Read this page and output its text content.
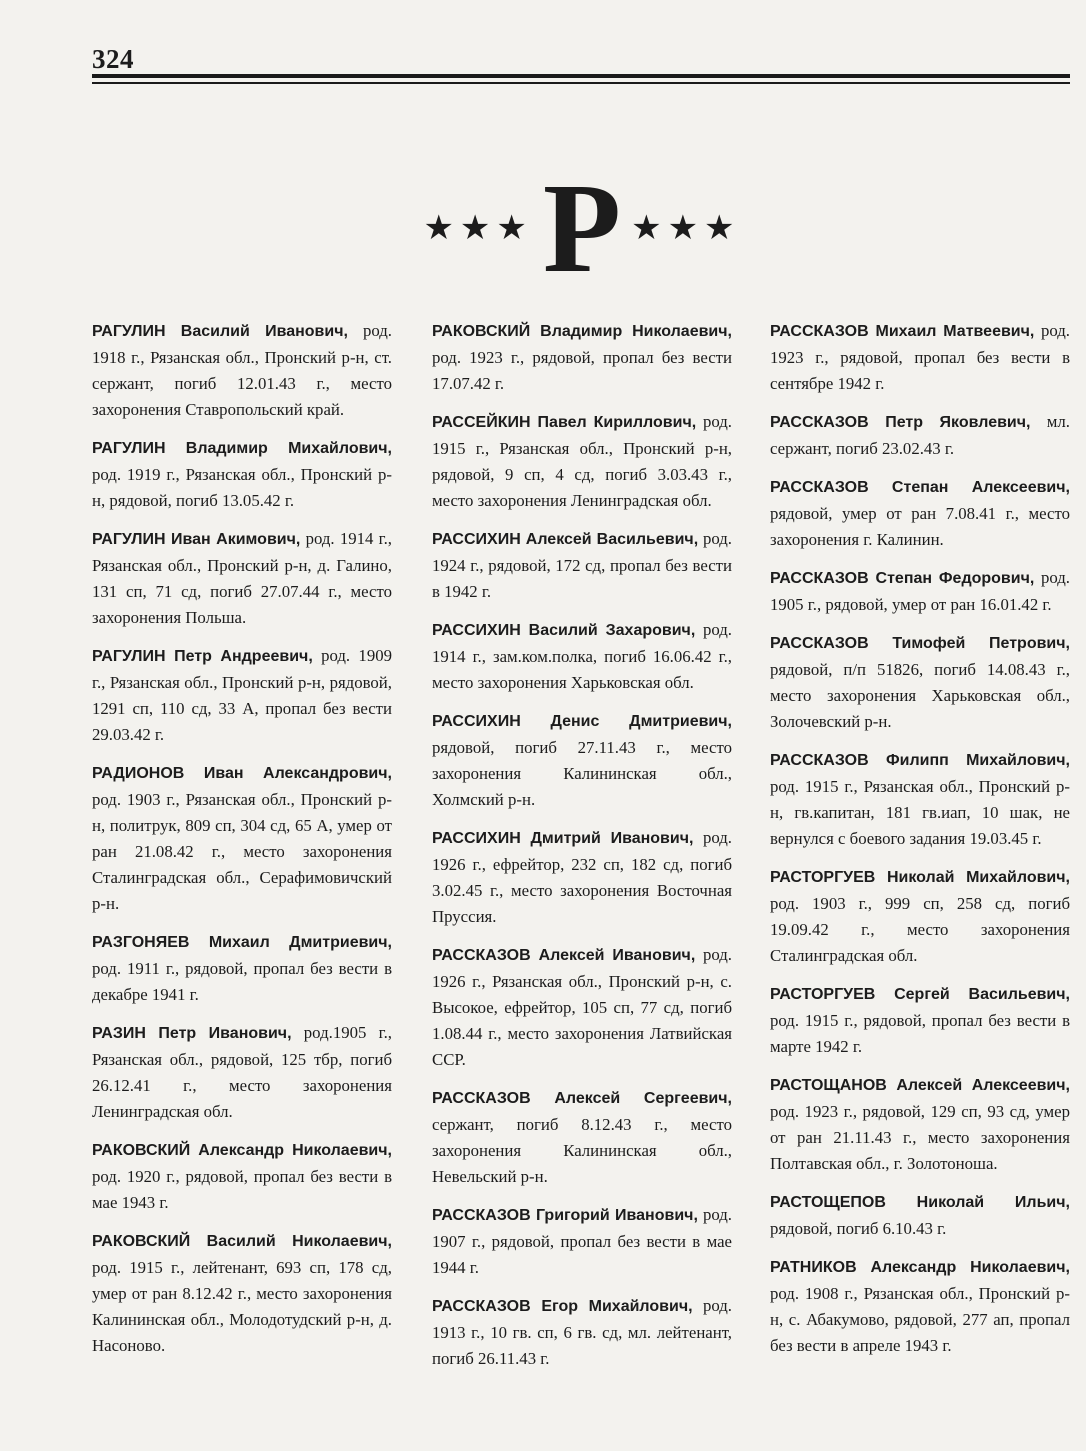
324
★★★ Р ★★★

РАГУЛИН Василий Иванович, род. 1918 г., Рязанская обл., Пронский р-н, ст. сержант, погиб 12.01.43 г., место захоронения Ставропольский край.

РАГУЛИН Владимир Михайлович, род. 1919 г., Рязанская обл., Пронский р-н, рядовой, погиб 13.05.42 г.

РАГУЛИН Иван Акимович, род. 1914 г., Рязанская обл., Пронский р-н, д. Галино, 131 сп, 71 сд, погиб 27.07.44 г., место захоронения Польша.

РАГУЛИН Петр Андреевич, род. 1909 г., Рязанская обл., Пронский р-н, рядовой, 1291 сп, 110 сд, 33 А, пропал без вести 29.03.42 г.

РАДИОНОВ Иван Александрович, род. 1903 г., Рязанская обл., Пронский р-н, политрук, 809 сп, 304 сд, 65 А, умер от ран 21.08.42 г., место захоронения Сталинградская обл., Серафимовичский р-н.

РАЗГОНЯЕВ Михаил Дмитриевич, род. 1911 г., рядовой, пропал без вести в декабре 1941 г.

РАЗИН Петр Иванович, род.1905 г., Рязанская обл., рядовой, 125 тбр, погиб 26.12.41 г., место захоронения Ленинградская обл.

РАКОВСКИЙ Александр Николаевич, род. 1920 г., рядовой, пропал без вести в мае 1943 г.

РАКОВСКИЙ Василий Николаевич, род. 1915 г., лейтенант, 693 сп, 178 сд, умер от ран 8.12.42 г., место захоронения Калининская обл., Молодотудский р-н, д. Насоново.

РАКОВСКИЙ Владимир Николаевич, род. 1923 г., рядовой, пропал без вести 17.07.42 г.

РАССЕЙКИН Павел Кириллович, род. 1915 г., Рязанская обл., Пронский р-н, рядовой, 9 сп, 4 сд, погиб 3.03.43 г., место захоронения Ленинградская обл.

РАССИХИН Алексей Васильевич, род. 1924 г., рядовой, 172 сд, пропал без вести в 1942 г.

РАССИХИН Василий Захарович, род. 1914 г., зам.ком.полка, погиб 16.06.42 г., место захоронения Харьковская обл.

РАССИХИН Денис Дмитриевич, рядовой, погиб 27.11.43 г., место захоронения Калининская обл., Холмский р-н.

РАССИХИН Дмитрий Иванович, род. 1926 г., ефрейтор, 232 сп, 182 сд, погиб 3.02.45 г., место захоронения Восточная Пруссия.

РАССКАЗОВ Алексей Иванович, род. 1926 г., Рязанская обл., Пронский р-н, с. Высокое, ефрейтор, 105 сп, 77 сд, погиб 1.08.44 г., место захоронения Латвийская ССР.

РАССКАЗОВ Алексей Сергеевич, сержант, погиб 8.12.43 г., место захоронения Калининская обл., Невельский р-н.

РАССКАЗОВ Григорий Иванович, род. 1907 г., рядовой, пропал без вести в мае 1944 г.

РАССКАЗОВ Егор Михайлович, род. 1913 г., 10 гв. сп, 6 гв. сд, мл. лейтенант, погиб 26.11.43 г.

РАССКАЗОВ Михаил Матвеевич, род. 1923 г., рядовой, пропал без вести в сентябре 1942 г.

РАССКАЗОВ Петр Яковлевич, мл. сержант, погиб 23.02.43 г.

РАССКАЗОВ Степан Алексеевич, рядовой, умер от ран 7.08.41 г., место захоронения г. Калинин.

РАССКАЗОВ Степан Федорович, род. 1905 г., рядовой, умер от ран 16.01.42 г.

РАССКАЗОВ Тимофей Петрович, рядовой, п/п 51826, погиб 14.08.43 г., место захоронения Харьковская обл., Золочевский р-н.

РАССКАЗОВ Филипп Михайлович, род. 1915 г., Рязанская обл., Пронский р-н, гв.капитан, 181 гв.иап, 10 шак, не вернулся с боевого задания 19.03.45 г.

РАСТОРГУЕВ Николай Михайлович, род. 1903 г., 999 сп, 258 сд, погиб 19.09.42 г., место захоронения Сталинградская обл.

РАСТОРГУЕВ Сергей Васильевич, род. 1915 г., рядовой, пропал без вести в марте 1942 г.

РАСТОЩАНОВ Алексей Алексеевич, род. 1923 г., рядовой, 129 сп, 93 сд, умер от ран 21.11.43 г., место захоронения Полтавская обл., г. Золотоноша.

РАСТОЩЕПОВ Николай Ильич, рядовой, погиб 6.10.43 г.

РАТНИКОВ Александр Николаевич, род. 1908 г., Рязанская обл., Пронский р-н, с. Абакумово, рядовой, 277 ап, пропал без вести в апреле 1943 г.
